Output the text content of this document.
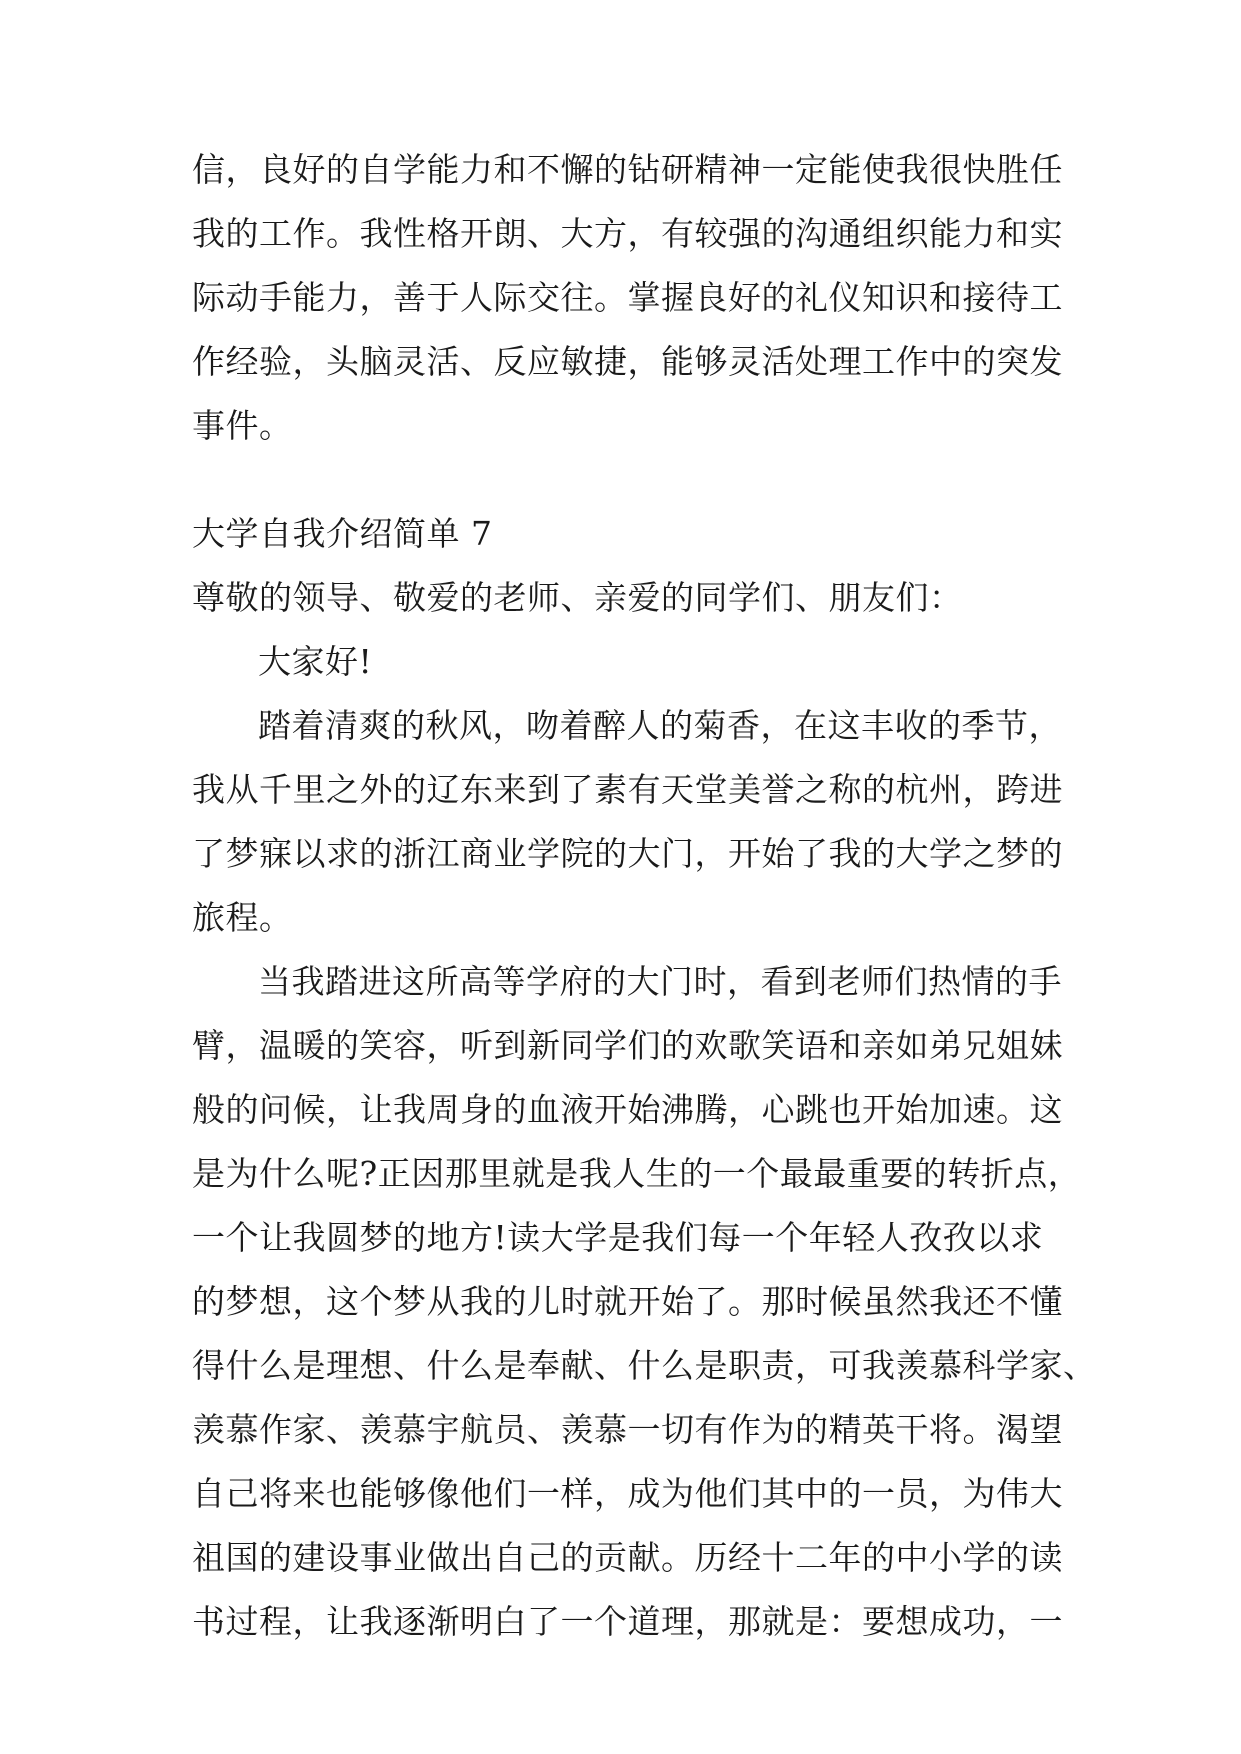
信，良好的自学能力和不懈的钻研精神一定能使我很快胜任
我的工作。我性格开朗、大方，有较强的沟通组织能力和实
际动手能力，善于人际交往。掌握良好的礼仪知识和接待工
作经验，头脑灵活、反应敏捷，能够灵活处理工作中的突发
事件。
大学自我介绍简单 7
尊敬的领导、敬爱的老师、亲爱的同学们、朋友们：
大家好!
踏着清爽的秋风，吻着醉人的菊香，在这丰收的季节，
我从千里之外的辽东来到了素有天堂美誉之称的杭州，跨进
了梦寐以求的浙江商业学院的大门，开始了我的大学之梦的
旅程。
当我踏进这所高等学府的大门时，看到老师们热情的手
臂，温暖的笑容，听到新同学们的欢歌笑语和亲如弟兄姐妹
般的问候，让我周身的血液开始沸腾，心跳也开始加速。这
是为什么呢?正因那里就是我人生的一个最最重要的转折点，
一个让我圆梦的地方!读大学是我们每一个年轻人孜孜以求
的梦想，这个梦从我的儿时就开始了。那时候虽然我还不懂
得什么是理想、什么是奉献、什么是职责，可我羡慕科学家、
羡慕作家、羡慕宇航员、羡慕一切有作为的精英干将。渴望
自己将来也能够像他们一样，成为他们其中的一员，为伟大
祖国的建设事业做出自己的贡献。历经十二年的中小学的读
书过程，让我逐渐明白了一个道理，那就是：要想成功，一
